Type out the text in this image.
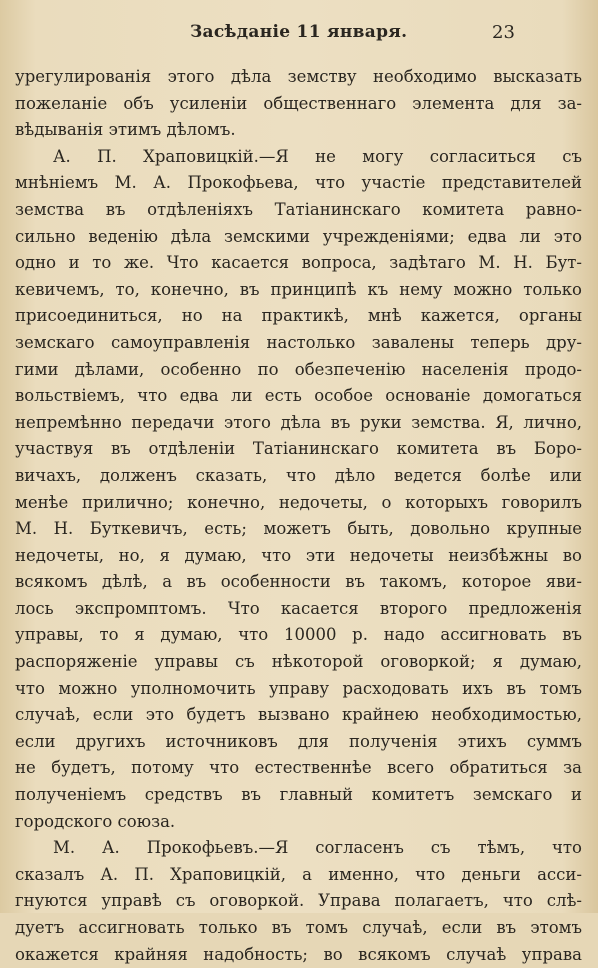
Засѣданіе 11 января.	23
урегулированія этого дѣла земству необходимо высказать
пожеланіе объ усиленіи общественнаго элемента для за-
вѣдыванія этимъ дѣломъ.
А. П. Храповицкій.—Я не могу согласиться съ
мнѣніемъ М. А. Прокофьева, что участіе представителей
земства въ отдѣленіяхъ Татіанинскаго комитета равно-
сильно веденію дѣла земскими учрежденіями; едва ли это
одно и то же. Что касается вопроса, задѣтаго М. Н. Бут-
кевичемъ, то, конечно, въ принципѣ къ нему можно только
присоединиться, но на практикѣ, мнѣ кажется, органы
земскаго самоуправленія настолько завалены теперь дру-
гими дѣлами, особенно по обезпеченію населенія продо-
вольствіемъ, что едва ли есть особое основаніе домогаться
непремѣнно передачи этого дѣла въ руки земства. Я, лично,
участвуя въ отдѣленіи Татіанинскаго комитета въ Боро-
вичахъ, долженъ сказать, что дѣло ведется болѣе или
менѣе прилично; конечно, недочеты, о которыхъ говорилъ
М. Н. Буткевичъ, есть; можетъ быть, довольно крупные
недочеты, но, я думаю, что эти недочеты неизбѣжны во
всякомъ дѣлѣ, а въ особенности въ такомъ, которое яви-
лось экспромптомъ. Что касается второго предложенія
управы, то я думаю, что 10000 р. надо ассигновать въ
распоряженіе управы съ нѣкоторой оговоркой; я думаю,
что можно уполномочить управу расходовать ихъ въ томъ
случаѣ, если это будетъ вызвано крайнею необходимостью,
если другихъ источниковъ для полученія этихъ суммъ
не будетъ, потому что естественнѣе всего обратиться за
полученіемъ средствъ въ главный комитетъ земскаго и
городского союза.
М. А. Прокофьевъ.—Я согласенъ съ тѣмъ, что
сказалъ А. П. Храповицкій, а именно, что деньги асси-
гнуются управѣ съ оговоркой. Управа полагаетъ, что слѣ-
дуетъ ассигновать только въ томъ случаѣ, если въ этомъ
окажется крайняя надобность; во всякомъ случаѣ управа
